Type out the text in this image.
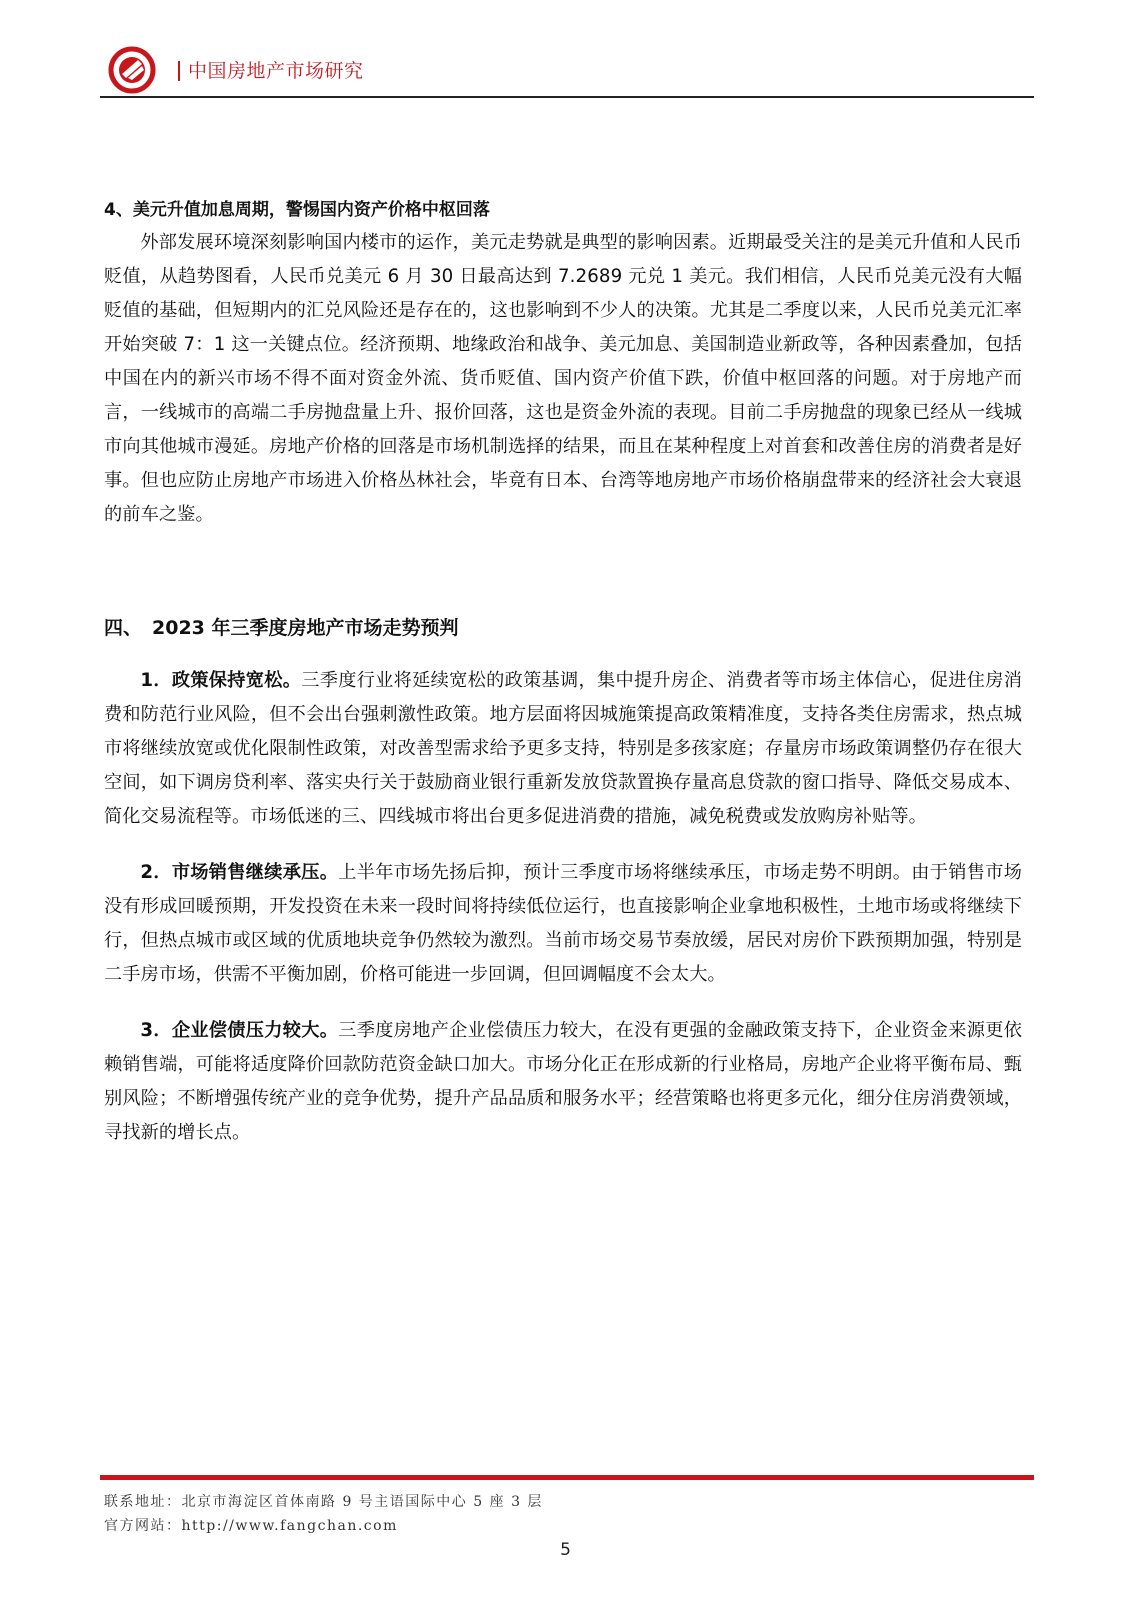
中国房地产市场研究

4、美元升值加息周期，警惕国内资产价格中枢回落

外部发展环境深刻影响国内楼市的运作，美元走势就是典型的影响因素。近期最受关注的是美元升值和人民币贬值，从趋势图看，人民币兑美元 6 月 30 日最高达到 7.2689 元兑 1 美元。我们相信，人民币兑美元没有大幅贬值的基础，但短期内的汇兑风险还是存在的，这也影响到不少人的决策。尤其是二季度以来，人民币兑美元汇率开始突破 7：1 这一关键点位。经济预期、地缘政治和战争、美元加息、美国制造业新政等，各种因素叠加，包括中国在内的新兴市场不得不面对资金外流、货币贬值、国内资产价值下跌，价值中枢回落的问题。对于房地产而言，一线城市的高端二手房抛盘量上升、报价回落，这也是资金外流的表现。目前二手房抛盘的现象已经从一线城市向其他城市漫延。房地产价格的回落是市场机制选择的结果，而且在某种程度上对首套和改善住房的消费者是好事。但也应防止房地产市场进入价格丛林社会，毕竟有日本、台湾等地房地产市场价格崩盘带来的经济社会大衰退的前车之鉴。

四、 2023 年三季度房地产市场走势预判

1．政策保持宽松。三季度行业将延续宽松的政策基调，集中提升房企、消费者等市场主体信心，促进住房消费和防范行业风险，但不会出台强刺激性政策。地方层面将因城施策提高政策精准度，支持各类住房需求，热点城市将继续放宽或优化限制性政策，对改善型需求给予更多支持，特别是多孩家庭；存量房市场政策调整仍存在很大空间，如下调房贷利率、落实央行关于鼓励商业银行重新发放贷款置换存量高息贷款的窗口指导、降低交易成本、简化交易流程等。市场低迷的三、四线城市将出台更多促进消费的措施，减免税费或发放购房补贴等。

2．市场销售继续承压。上半年市场先扬后抑，预计三季度市场将继续承压，市场走势不明朗。由于销售市场没有形成回暖预期，开发投资在未来一段时间将持续低位运行，也直接影响企业拿地积极性，土地市场或将继续下行，但热点城市或区域的优质地块竞争仍然较为激烈。当前市场交易节奏放缓，居民对房价下跌预期加强，特别是二手房市场，供需不平衡加剧，价格可能进一步回调，但回调幅度不会太大。

3．企业偿债压力较大。三季度房地产企业偿债压力较大，在没有更强的金融政策支持下，企业资金来源更依赖销售端，可能将适度降价回款防范资金缺口加大。市场分化正在形成新的行业格局，房地产企业将平衡布局、甄别风险；不断增强传统产业的竞争优势，提升产品品质和服务水平；经营策略也将更多元化，细分住房消费领域，寻找新的增长点。

联系地址：北京市海淀区首体南路 9 号主语国际中心 5 座 3 层
官方网站：http://www.fangchan.com
5
